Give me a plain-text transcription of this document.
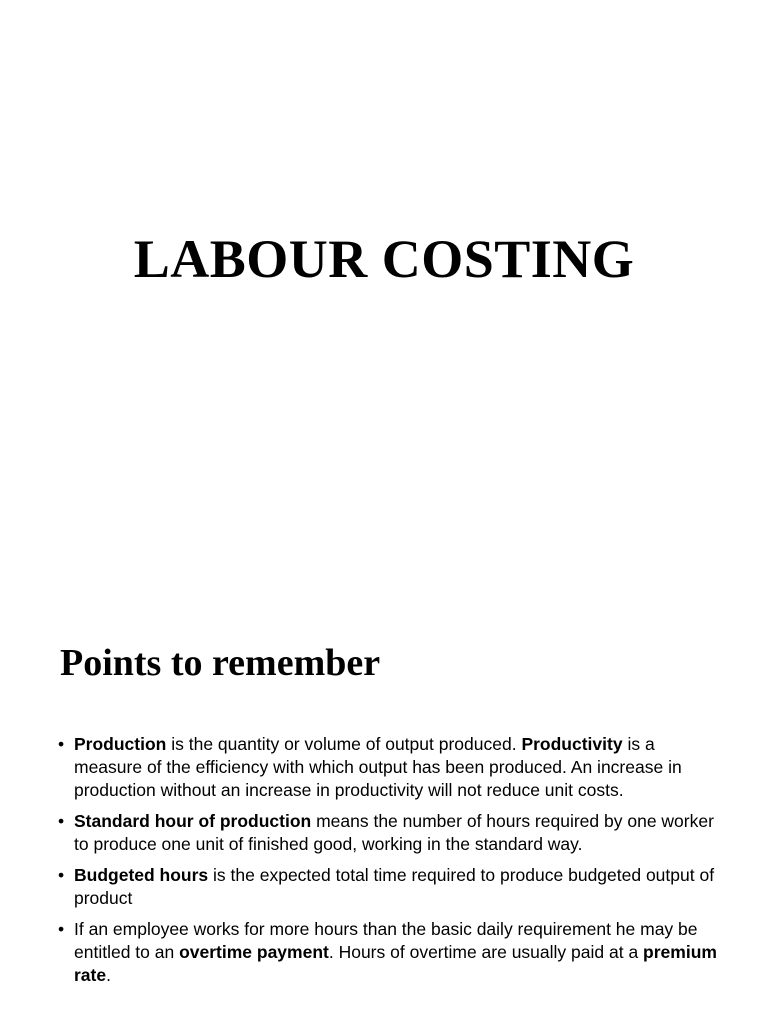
LABOUR COSTING
Points to remember
• Production is the quantity or volume of output produced. Productivity is a measure of the efficiency with which output has been produced. An increase in production without an increase in productivity will not reduce unit costs.
• Standard hour of production means the number of hours required by one worker to produce one unit of finished good, working in the standard way.
• Budgeted hours is the expected total time required to produce budgeted output of product
• If an employee works for more hours than the basic daily requirement he may be entitled to an overtime payment. Hours of overtime are usually paid at a premium rate.
